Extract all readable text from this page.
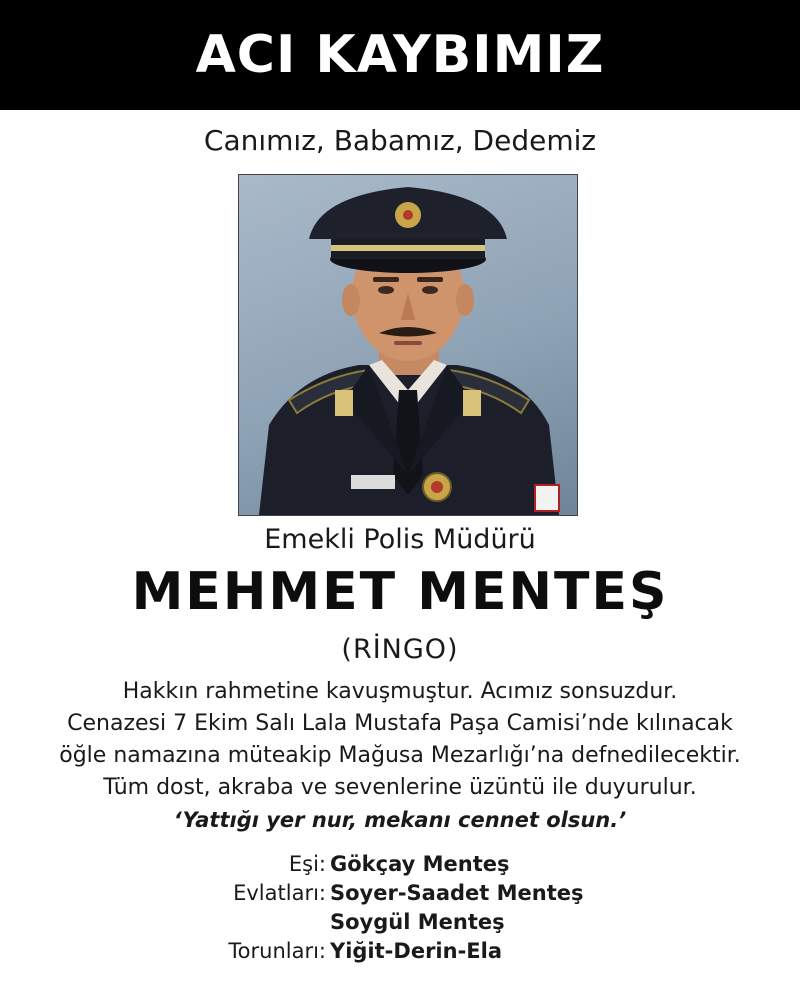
ACI KAYBIMIZ
Canımız, Babamız, Dedemiz
Emekli Polis Müdürü
MEHMET MENTEŞ
(RİNGO)
Hakkın rahmetine kavuşmuştur. Acımız sonsuzdur.
Cenazesi 7 Ekim Salı Lala Mustafa Paşa Camisi’nde kılınacak
öğle namazına müteakip Mağusa Mezarlığı’na defnedilecektir.
Tüm dost, akraba ve sevenlerine üzüntü ile duyurulur.
‘Yattığı yer nur, mekanı cennet olsun.’
Eşi: Gökçay Menteş
Evlatları: Soyer-Saadet Menteş
Soygül Menteş
Torunları: Yiğit-Derin-Ela
